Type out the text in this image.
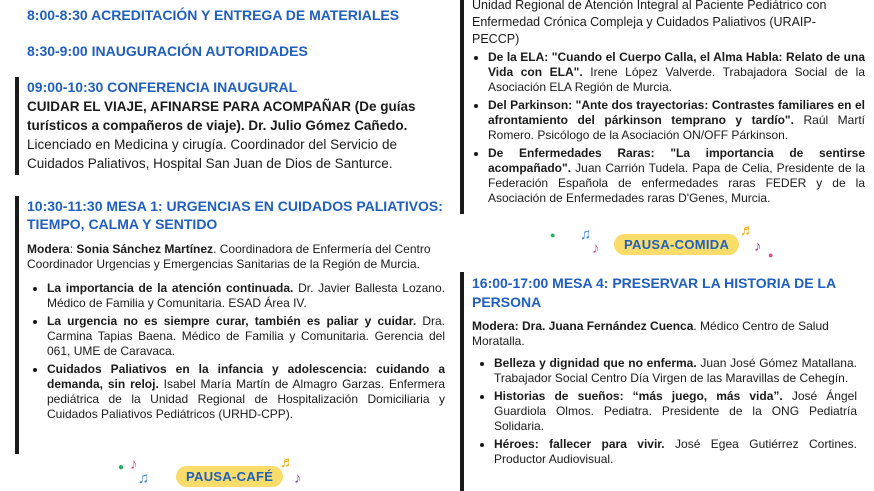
8:00-8:30 ACREDITACIÓN Y ENTREGA DE MATERIALES
8:30-9:00 INAUGURACIÓN AUTORIDADES
09:00-10:30 CONFERENCIA INAUGURAL
CUIDAR EL VIAJE, AFINARSE PARA ACOMPAÑAR (De guías turísticos a compañeros de viaje). Dr. Julio Gómez Cañedo.
Licenciado en Medicina y cirugía. Coordinador del Servicio de Cuidados Paliativos, Hospital San Juan de Dios de Santurce.
10:30-11:30 MESA 1: URGENCIAS EN CUIDADOS PALIATIVOS: TIEMPO, CALMA Y SENTIDO
Modera: Sonia Sánchez Martínez. Coordinadora de Enfermería del Centro Coordinador Urgencias y Emergencias Sanitarias de la Región de Murcia.
• La importancia de la atención continuada. Dr. Javier Ballesta Lozano. Médico de Familia y Comunitaria. ESAD Área IV.
• La urgencia no es siempre curar, también es paliar y cuidar. Dra. Carmina Tapias Baena. Médico de Familia y Comunitaria. Gerencia del 061, UME de Caravaca.
• Cuidados Paliativos en la infancia y adolescencia: cuidando a demanda, sin reloj. Isabel María Martín de Almagro Garzas. Enfermera pediátrica de la Unidad Regional de Hospitalización Domiciliaria y Cuidados Paliativos Pediátricos (URHD-CPP).
♪
♫
♬
♪
●
PAUSA-CAFÉ
Unidad Regional de Atención Integral al Paciente Pediátrico con Enfermedad Crónica Compleja y Cuidados Paliativos (URAIP-PECCP)
• De la ELA: "Cuando el Cuerpo Calla, el Alma Habla: Relato de una Vida con ELA". Irene López Valverde. Trabajadora Social de la Asociación ELA Región de Murcia.
• Del Parkinson: "Ante dos trayectorias: Contrastes familiares en el afrontamiento del párkinson temprano y tardío". Raúl Martí Romero. Psicólogo de la Asociación ON/OFF Párkinson.
• De Enfermedades Raras: "La importancia de sentirse acompañado". Juan Carrión Tudela. Papa de Celia, Presidente de la Federación Española de enfermedades raras FEDER y de la Asociación de Enfermedades raras D'Genes, Murcia.
♫
♪
♬
♪
●
●
PAUSA-COMIDA
16:00-17:00 MESA 4: PRESERVAR LA HISTORIA DE LA PERSONA
Modera: Dra. Juana Fernández Cuenca. Médico Centro de Salud Moratalla.
• Belleza y dignidad que no enferma. Juan José Gómez Matallana. Trabajador Social Centro Día Virgen de las Maravillas de Cehegín.
• Historias de sueños: “más juego, más vida”. José Ángel Guardiola Olmos. Pediatra. Presidente de la ONG Pediatría Solidaria.
• Héroes: fallecer para vivir. José Egea Gutiérrez Cortines. Productor Audiovisual.
